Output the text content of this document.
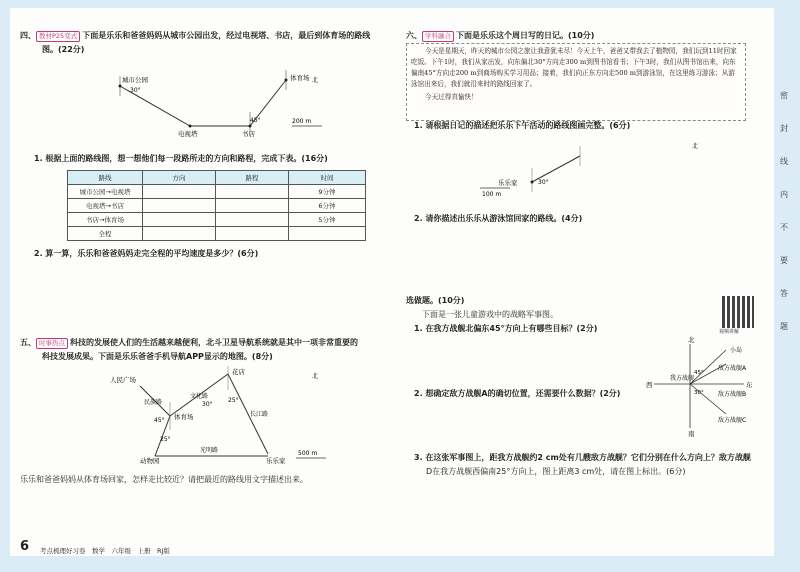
四、 教材P25变式 下面是乐乐和爸爸妈妈从城市公园出发，经过电视塔、书店，最后到体育场的路线
图。(22分)
城市公园
30°
电视塔	书店
45°
体育场 北
200 m
1. 根据上面的路线图，想一想他们每一段路所走的方向和路程，完成下表。(16分)
路线	方向	路程	时间
城市公园→电视塔			9分钟
电视塔→书店			6分钟
书店→体育场			5分钟
全程			
2. 算一算，乐乐和爸爸妈妈走完全程的平均速度是多少？(6分)
五、 时事热点 科技的发展使人们的生活越来越便利，北斗卫星导航系统就是其中一项非常重要的
科技发展成果。下面是乐乐爸爸手机导航APP显示的地图。(8分)
人民广场
花店
体育场
动物园	乐乐家
北
民族路
文化路
长江路
光明路
45°
30°
25°
25°
500 m
乐乐和爸爸妈妈从体育场回家，怎样走比较近？请把最近的路线用文字描述出来。
六、 学科融合 下面是乐乐这个周日写的日记。(10分)

今天是星期天，昨天的城市公园之旅让我意犹未尽！今天上午，爸爸又带我去了植物园，我们玩到11时回家吃饭。下午1时，我们从家出发，向东偏北30°方向走300 m到图书馆看书；下午3时，我们从图书馆出来，向东偏南45°方向走200 m到商场购买学习用品；接着，我们向正东方向走500 m到游泳馆，在这里练习游泳；从游泳馆出来后，我们就沿来时的路线回家了。

今天过得真愉快！

1. 请根据日记的描述把乐乐下午活动的路线图画完整。(6分)
乐乐家	30°
100 m
北
2. 请你描述出乐乐从游泳馆回家的路线。(4分)
选做题。(10分)
下面是一张儿童游戏中的战略军事图。
视频讲解
1. 在我方战舰北偏东45°方向上有哪些目标？(2分)
北
南
西	东
我方战舰
小岛
敌方战舰A
敌方战舰B
敌方战舰C
30°
45°
2. 想确定敌方战舰A的确切位置，还需要什么数据？(2分)
3. 在这张军事图上，距我方战舰约2 cm处有几艘敌方战舰？它们分别在什么方向上？敌方战舰
D在我方战舰西偏南25°方向上，图上距离3 cm处，请在图上标出。(6分)
密
封
线
内
不
要
答
题
6 考点梳理好习卷　数学　六年级　上册　RJ版
